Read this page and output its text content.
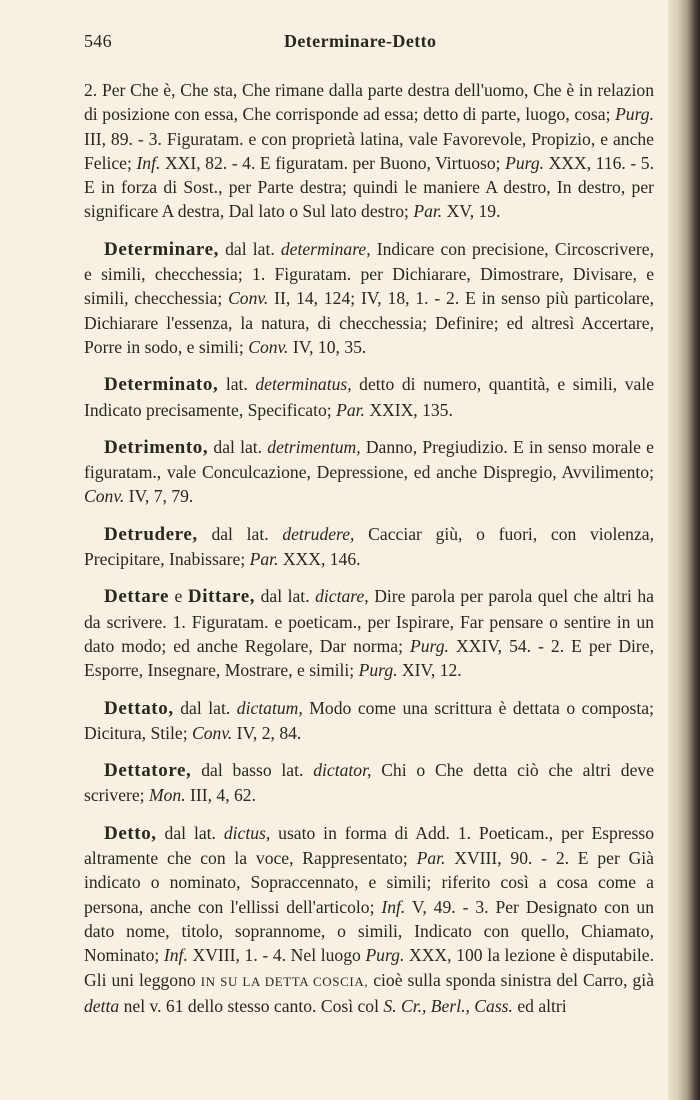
546	Determinare-Detto

2. Per Che è, Che sta, Che rimane dalla parte destra dell'uomo, Che è in relazion di posizione con essa, Che corrisponde ad essa; detto di parte, luogo, cosa; Purg. III, 89. - 3. Figuratam. e con proprietà latina, vale Favorevole, Propizio, e anche Felice; Inf. XXI, 82. - 4. E figuratam. per Buono, Virtuoso; Purg. XXX, 116. - 5. E in forza di Sost., per Parte destra; quindi le maniere A destro, In destro, per significare A destra, Dal lato o Sul lato destro; Par. XV, 19.

Determinare, dal lat. determinare, Indicare con precisione, Circoscrivere, e simili, checchessia; 1. Figuratam. per Dichiarare, Dimostrare, Divisare, e simili, checchessia; Conv. II, 14, 124; IV, 18, 1. - 2. E in senso più particolare, Dichiarare l'essenza, la natura, di checchessia; Definire; ed altresì Accertare, Porre in sodo, e simili; Conv. IV, 10, 35.

Determinato, lat. determinatus, detto di numero, quantità, e simili, vale Indicato precisamente, Specificato; Par. XXIX, 135.

Detrimento, dal lat. detrimentum, Danno, Pregiudizio. E in senso morale e figuratam., vale Conculcazione, Depressione, ed anche Dispregio, Avvilimento; Conv. IV, 7, 79.

Detrudere, dal lat. detrudere, Cacciar giù, o fuori, con violenza, Precipitare, Inabissare; Par. XXX, 146.

Dettare e Dittare, dal lat. dictare, Dire parola per parola quel che altri ha da scrivere. 1. Figuratam. e poeticam., per Ispirare, Far pensare o sentire in un dato modo; ed anche Regolare, Dar norma; Purg. XXIV, 54. - 2. E per Dire, Esporre, Insegnare, Mostrare, e simili; Purg. XIV, 12.

Dettato, dal lat. dictatum, Modo come una scrittura è dettata o composta; Dicitura, Stile; Conv. IV, 2, 84.

Dettatore, dal basso lat. dictator, Chi o Che detta ciò che altri deve scrivere; Mon. III, 4, 62.

Detto, dal lat. dictus, usato in forma di Add. 1. Poeticam., per Espresso altramente che con la voce, Rappresentato; Par. XVIII, 90. - 2. E per Già indicato o nominato, Sopraccennato, e simili; riferito così a cosa come a persona, anche con l'ellissi dell'articolo; Inf. V, 49. - 3. Per Designato con un dato nome, titolo, soprannome, o simili, Indicato con quello, Chiamato, Nominato; Inf. XVIII, 1. - 4. Nel luogo Purg. XXX, 100 la lezione è disputabile. Gli uni leggono IN SU LA DETTA COSCIA, cioè sulla sponda sinistra del Carro, già detta nel v. 61 dello stesso canto. Così col S. Cr., Berl., Cass. ed altri
